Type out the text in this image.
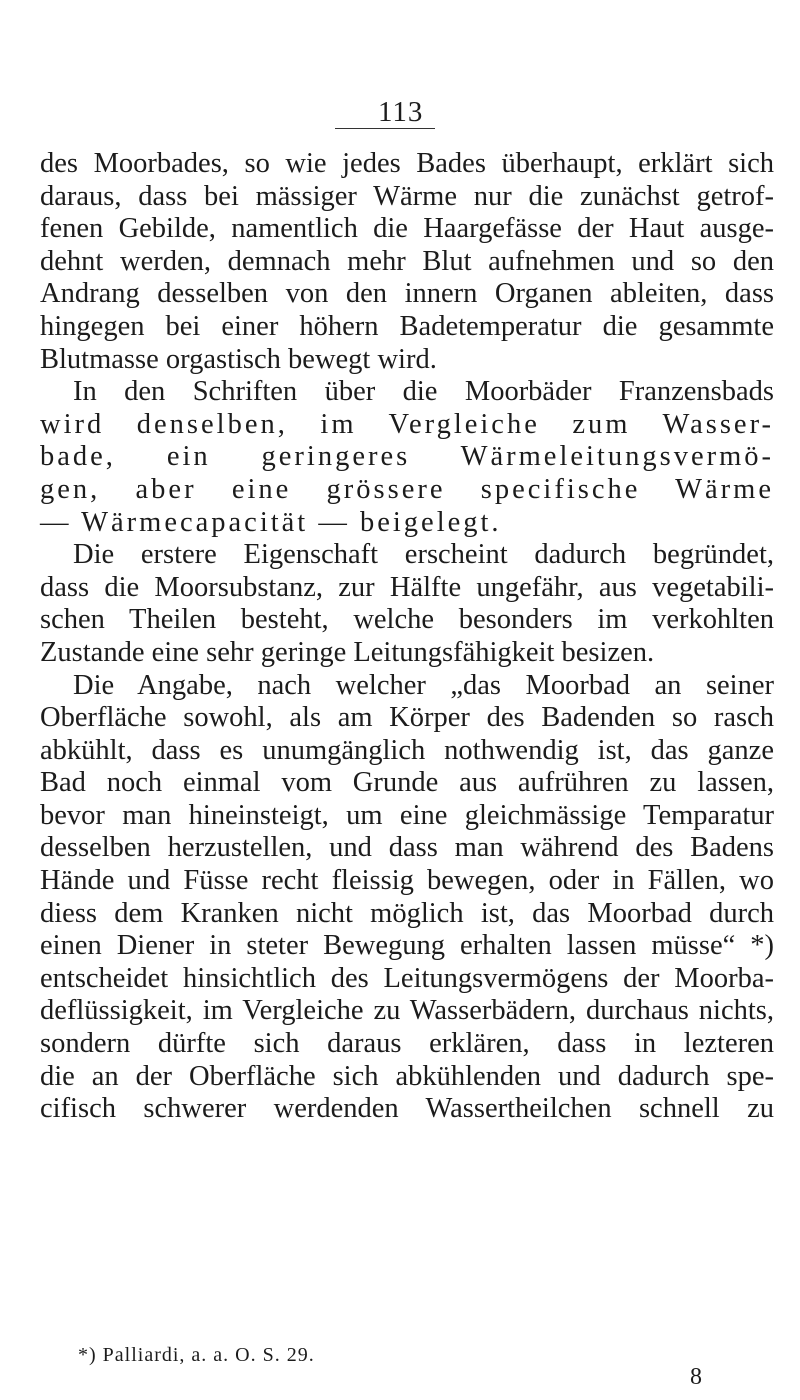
113
des Moorbades, so wie jedes Bades überhaupt, erklärt sich
daraus, dass bei mässiger Wärme nur die zunächst getrof-
fenen Gebilde, namentlich die Haargefässe der Haut ausge-
dehnt werden, demnach mehr Blut aufnehmen und so den
Andrang desselben von den innern Organen ableiten, dass
hingegen bei einer höhern Badetemperatur die gesammte
Blutmasse orgastisch bewegt wird.
In den Schriften über die Moorbäder Franzensbads
wird denselben, im Vergleiche zum Wasser-
bade, ein geringeres Wärmeleitungsvermö-
gen, aber eine grössere specifische Wärme
— Wärmecapacität — beigelegt.
Die erstere Eigenschaft erscheint dadurch begründet,
dass die Moorsubstanz, zur Hälfte ungefähr, aus vegetabili-
schen Theilen besteht, welche besonders im verkohlten
Zustande eine sehr geringe Leitungsfähigkeit besizen.
Die Angabe, nach welcher „das Moorbad an seiner
Oberfläche sowohl, als am Körper des Badenden so rasch
abkühlt, dass es unumgänglich nothwendig ist, das ganze
Bad noch einmal vom Grunde aus aufrühren zu lassen,
bevor man hineinsteigt, um eine gleichmässige Temparatur
desselben herzustellen, und dass man während des Badens
Hände und Füsse recht fleissig bewegen, oder in Fällen, wo
diess dem Kranken nicht möglich ist, das Moorbad durch
einen Diener in steter Bewegung erhalten lassen müsse“ *)
entscheidet hinsichtlich des Leitungsvermögens der Moorba-
deflüssigkeit, im Vergleiche zu Wasserbädern, durchaus nichts,
sondern dürfte sich daraus erklären, dass in lezteren
die an der Oberfläche sich abkühlenden und dadurch spe-
cifisch schwerer werdenden Wassertheilchen schnell zu
*) Palliardi, a. a. O. S. 29.
8
